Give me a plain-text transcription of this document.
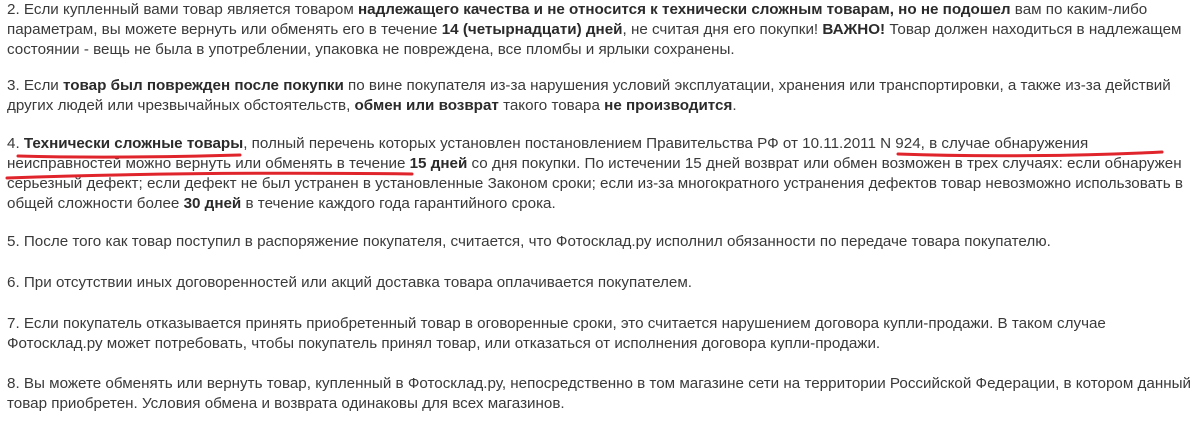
2. Если купленный вами товар является товаром надлежащего качества и не относится к технически сложным товарам, но не подошел вам по каким-либо параметрам, вы можете вернуть или обменять его в течение 14 (четырнадцати) дней, не считая дня его покупки! ВАЖНО! Товар должен находиться в надлежащем состоянии - вещь не была в употреблении, упаковка не повреждена, все пломбы и ярлыки сохранены.

3. Если товар был поврежден после покупки по вине покупателя из-за нарушения условий эксплуатации, хранения или транспортировки, а также из-за действий других людей или чрезвычайных обстоятельств, обмен или возврат такого товара не производится.

4. Технически сложные товары, полный перечень которых установлен постановлением Правительства РФ от 10.11.2011 N 924, в случае обнаружения неисправностей можно вернуть или обменять в течение 15 дней со дня покупки. По истечении 15 дней возврат или обмен возможен в трех случаях: если обнаружен серьезный дефект; если дефект не был устранен в установленные Законом сроки; если из-за многократного устранения дефектов товар невозможно использовать в общей сложности более 30 дней в течение каждого года гарантийного срока.

5. После того как товар поступил в распоряжение покупателя, считается, что Фотосклад.ру исполнил обязанности по передаче товара покупателю.

6. При отсутствии иных договоренностей или акций доставка товара оплачивается покупателем.

7. Если покупатель отказывается принять приобретенный товар в оговоренные сроки, это считается нарушением договора купли-продажи. В таком случае Фотосклад.ру может потребовать, чтобы покупатель принял товар, или отказаться от исполнения договора купли-продажи.

8. Вы можете обменять или вернуть товар, купленный в Фотосклад.ру, непосредственно в том магазине сети на территории Российской Федерации, в котором данный товар приобретен. Условия обмена и возврата одинаковы для всех магазинов.
